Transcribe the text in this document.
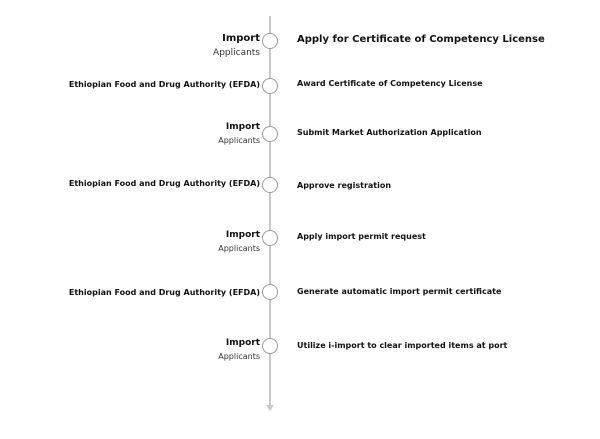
Import
Applicants
Apply for Certificate of Competency License
Ethiopian Food and Drug Authority (EFDA)	Award Certificate of Competency License
Import
Applicants
Submit Market Authorization Application
Ethiopian Food and Drug Authority (EFDA)	Approve registration
Import
Applicants
Apply import permit request
Ethiopian Food and Drug Authority (EFDA)	Generate automatic import permit certificate
Import
Applicants
Utilize i-import to clear imported items at port
